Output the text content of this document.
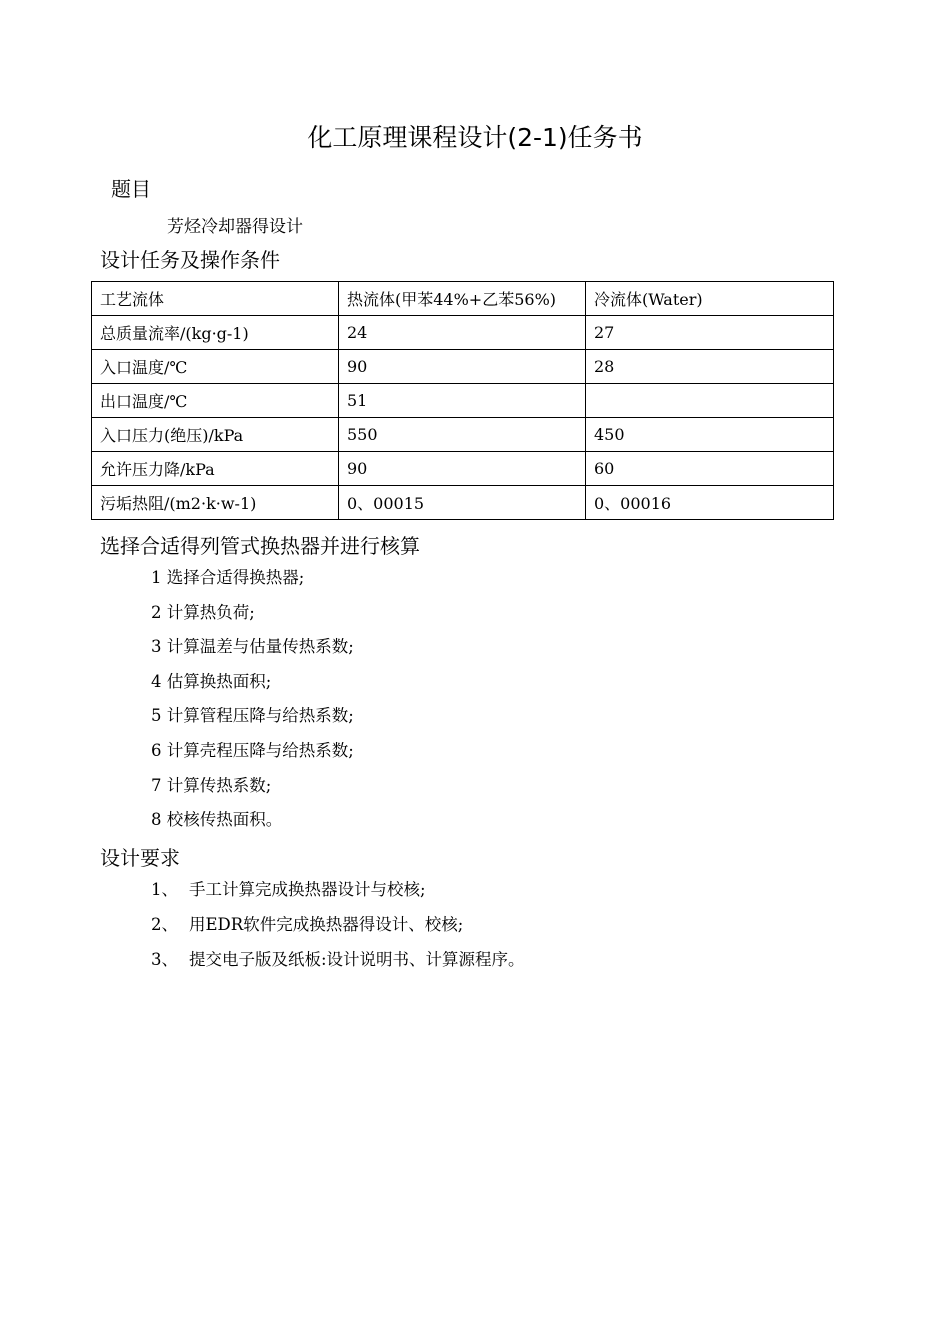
化工原理课程设计(2-1)任务书
题目
芳烃冷却器得设计
设计任务及操作条件
工艺流体	热流体(甲苯44%+乙苯56%)	冷流体(Water)
总质量流率/(kg·g-1)	24	27
入口温度/℃	90	28
出口温度/℃	51	
入口压力(绝压)/kPa	550	450
允许压力降/kPa	90	60
污垢热阻/(m2·k·w-1)	0、00015	0、00016
选择合适得列管式换热器并进行核算
1 选择合适得换热器;
2 计算热负荷;
3 计算温差与估量传热系数;
4 估算换热面积;
5 计算管程压降与给热系数;
6 计算壳程压降与给热系数;
7 计算传热系数;
8 校核传热面积。
设计要求
1、 手工计算完成换热器设计与校核;
2、 用EDR软件完成换热器得设计、校核;
3、 提交电子版及纸板:设计说明书、计算源程序。
